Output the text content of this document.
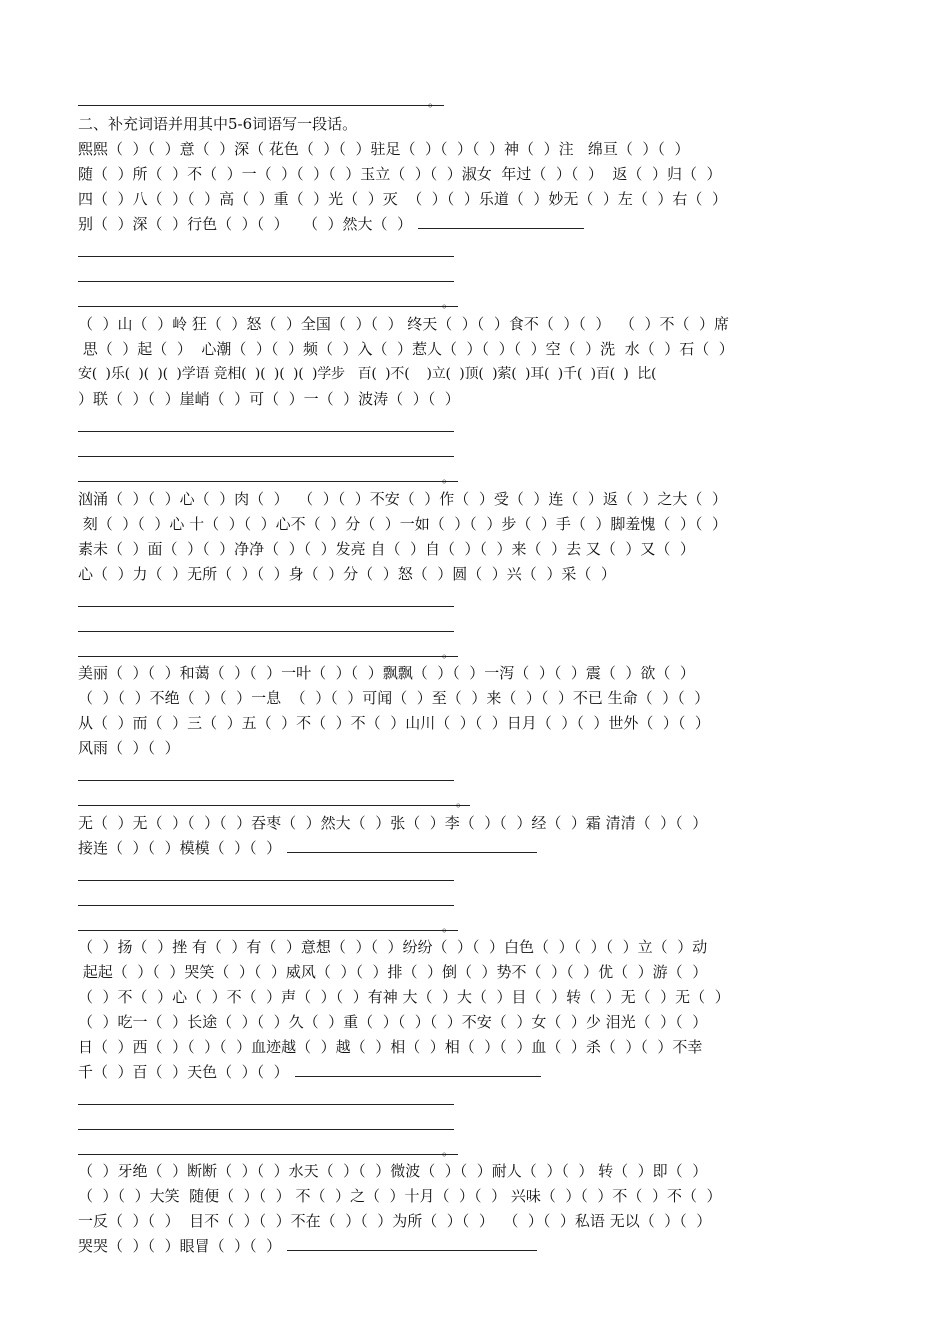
。
二、补充词语并用其中5-6词语写一段话。
熙熙（  ）（  ）意（  ）深（ 花色（  ）（  ）驻足（  ）（  ）（  ）神（  ）注   绵亘（  ）（  ）
随（  ）所（  ）不（  ）一（  ）（  ）（  ）玉立（  ）（  ）淑女  年过（  ）（  ）  返（  ）归（  ）
四（  ）八（  ）（  ）高（  ）重（  ）光（  ）灭  （  ）（  ）乐道（  ）妙无（  ）左（  ）右（  ）
别（  ）深（  ）行色（  ）（  ）   （  ）然大（  ）
。
（  ）山（  ）岭 狂（  ）怒（  ）全国（  ）（  ） 终天（  ）（  ）食不（  ）（  ）  （  ）不（  ）席
思（  ）起（  ）  心潮（  ）（  ）频（  ）入（  ）惹人（  ）（  ）（  ）空（  ）洗  水（  ）石（  ）
安(  )乐(  )(  )(  )学语 竞相(  )(  )(  )(  )学步   百(  )不(    )立(  )顶(  )萦(  )耳(  )千(  )百(  )  比(
）联（  ）（  ）崖峭（  ）可（  ）一（  ）波涛（  ）（  ）
。
汹涌（  ）（  ）心（  ）肉（  ）  （  ）（  ）不安（  ）作（  ）受（  ）连（  ）返（  ）之大（  ）
刻（  ）（  ）心 十（  ）（  ）心不（  ）分（  ）一如（  ）（  ）步（  ）手（  ）脚羞愧（  ）（  ）
素未（  ）面（  ）（  ）净净（  ）（  ）发亮 自（  ）自（  ）（  ）来（  ）去 又（  ）又（  ）
心（  ）力（  ）无所（  ）（  ）身（  ）分（  ）怒（  ）圆（  ）兴（  ）采（  ）
。
美丽（  ）（  ）和蔼（  ）（  ）一叶（  ）（  ）飘飘（  ）（  ）一泻（  ）（  ）震（  ）欲（  ）
（  ）（  ）不绝（  ）（  ）一息  （  ）（  ）可闻（  ）至（  ）来（  ）（  ）不已 生命（  ）（  ）
从（  ）而（  ）三（  ）五（  ）不（  ）不（  ）山川（  ）（  ）日月（  ）（  ）世外（  ）（  ）
风雨（  ）（  ）
。
无（  ）无（  ）（  ）（  ）吞枣（  ）然大（  ）张（  ）李（  ）（  ）经（  ）霜 清清（  ）（  ）
接连（  ）（  ）模模（  ）（  ）
。
（  ）扬（  ）挫 有（  ）有（  ）意想（  ）（  ）纷纷（  ）（  ）白色（  ）（  ）（  ）立（  ）动
起起（  ）（  ）哭笑（  ）（  ）威风（  ）（  ）排（  ）倒（  ）势不（  ）（  ）优（  ）游（  ）
（  ）不（  ）心（  ）不（  ）声（  ）（  ）有神 大（  ）大（  ）目（  ）转（  ）无（  ）无（  ）
（  ）吃一（  ）长途（  ）（  ）久（  ）重（  ）（  ）（  ）不安（  ）女（  ）少 泪光（  ）（  ）
日（  ）西（  ）（  ）（  ）血迹越（  ）越（  ）相（  ）相（  ）（  ）血（  ）杀（  ）（  ）不幸
千（  ）百（  ）天色（  ）（  ）
。
（  ）牙绝（  ）断断（  ）（  ）水天（  ）（  ）微波（  ）（  ）耐人（  ）（  ） 转（  ）即（  ）
（  ）（  ）大笑  随便（  ）（  ） 不（  ）之（  ）十月（  ）（  ） 兴味（  ）（  ）不（  ）不（  ）
一反（  ）（  ）  目不（  ）（  ）不在（  ）（  ）为所（  ）（  ）  （  ）（  ）私语 无以（  ）（  ）
哭哭（  ）（  ）眼冒（  ）（  ）
